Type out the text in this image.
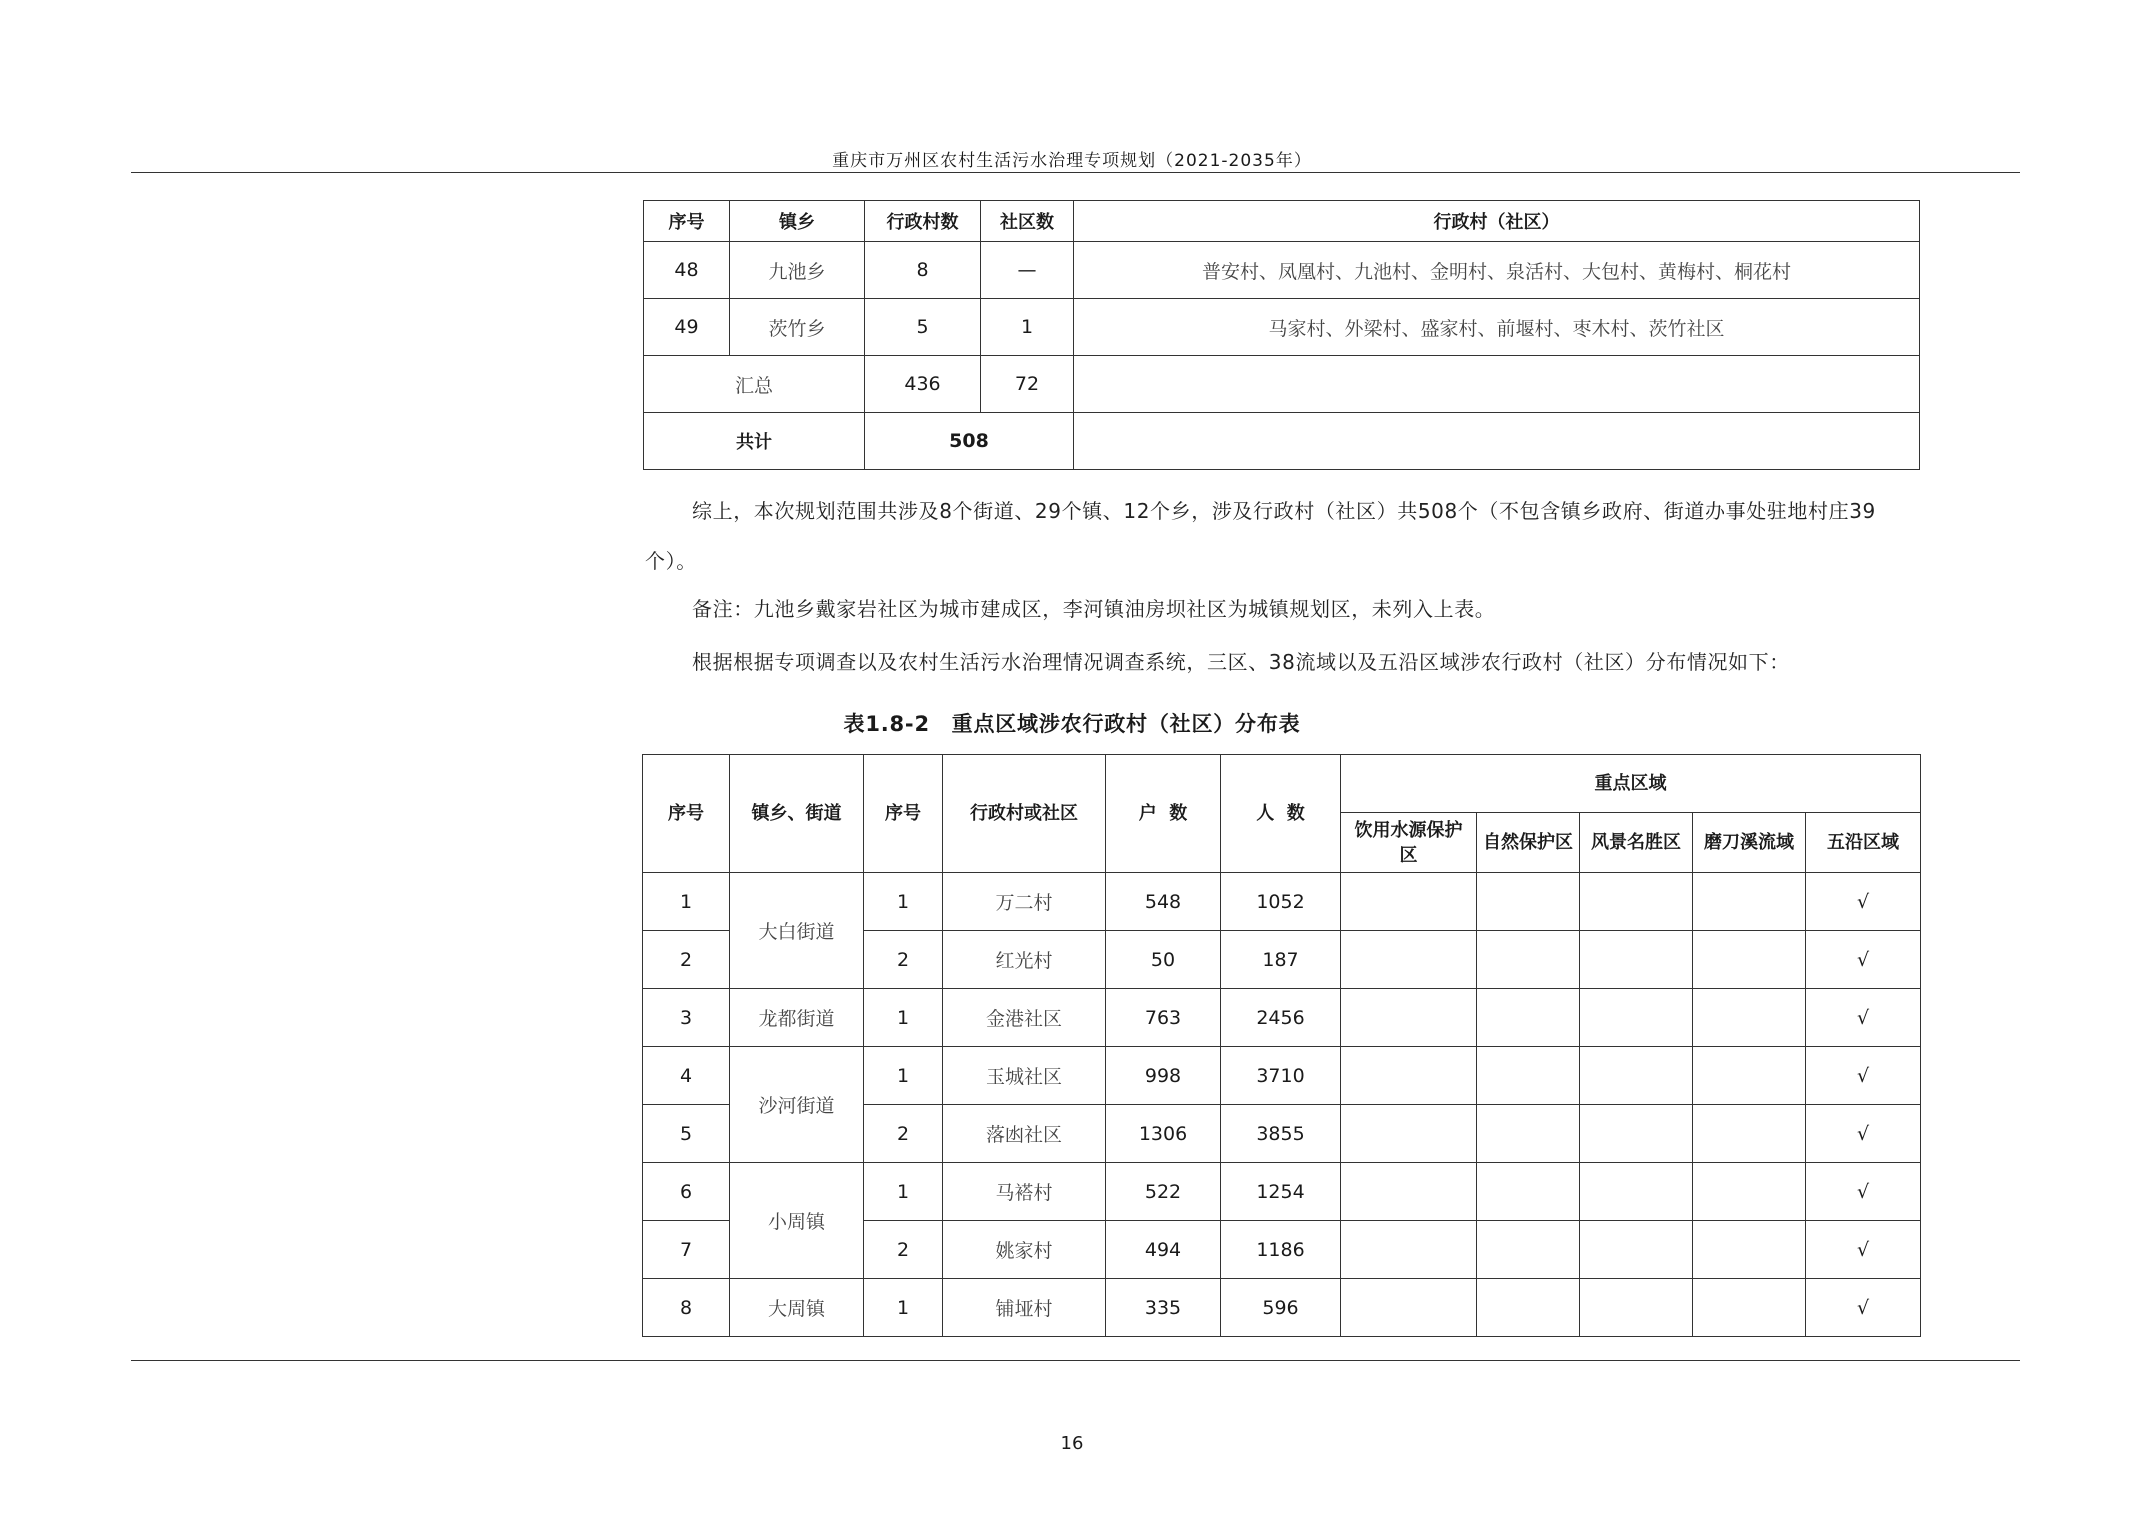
重庆市万州区农村生活污水治理专项规划（2021-2035年）
序号	镇乡	行政村数	社区数	行政村（社区）
48	九池乡	8	—	普安村、凤凰村、九池村、金明村、泉活村、大包村、黄梅村、桐花村
49	茨竹乡	5	1	马家村、外梁村、盛家村、前堰村、枣木村、茨竹社区
汇总		436	72	
共计		508		
综上，本次规划范围共涉及8个街道、29个镇、12个乡，涉及行政村（社区）共508个（不包含镇乡政府、街道办事处驻地村庄39
个）。
备注：九池乡戴家岩社区为城市建成区，李河镇油房坝社区为城镇规划区，未列入上表。
根据根据专项调查以及农村生活污水治理情况调查系统，三区、38流域以及五沿区域涉农行政村（社区）分布情况如下：
表1.8-2　重点区域涉农行政村（社区）分布表
序号	镇乡、街道	序号	行政村或社区	户  数	人  数	重点区域				
						饮用水源保护区	自然保护区	风景名胜区	磨刀溪流域	五沿区域
1	大白街道	1	万二村	548	1052					√
2		2	红光村	50	187					√
3	龙都街道	1	金港社区	763	2456					√
4	沙河街道	1	玉城社区	998	3710					√
5		2	落凼社区	1306	3855					√
6	小周镇	1	马褡村	522	1254					√
7		2	姚家村	494	1186					√
8	大周镇	1	铺垭村	335	596					√
16
